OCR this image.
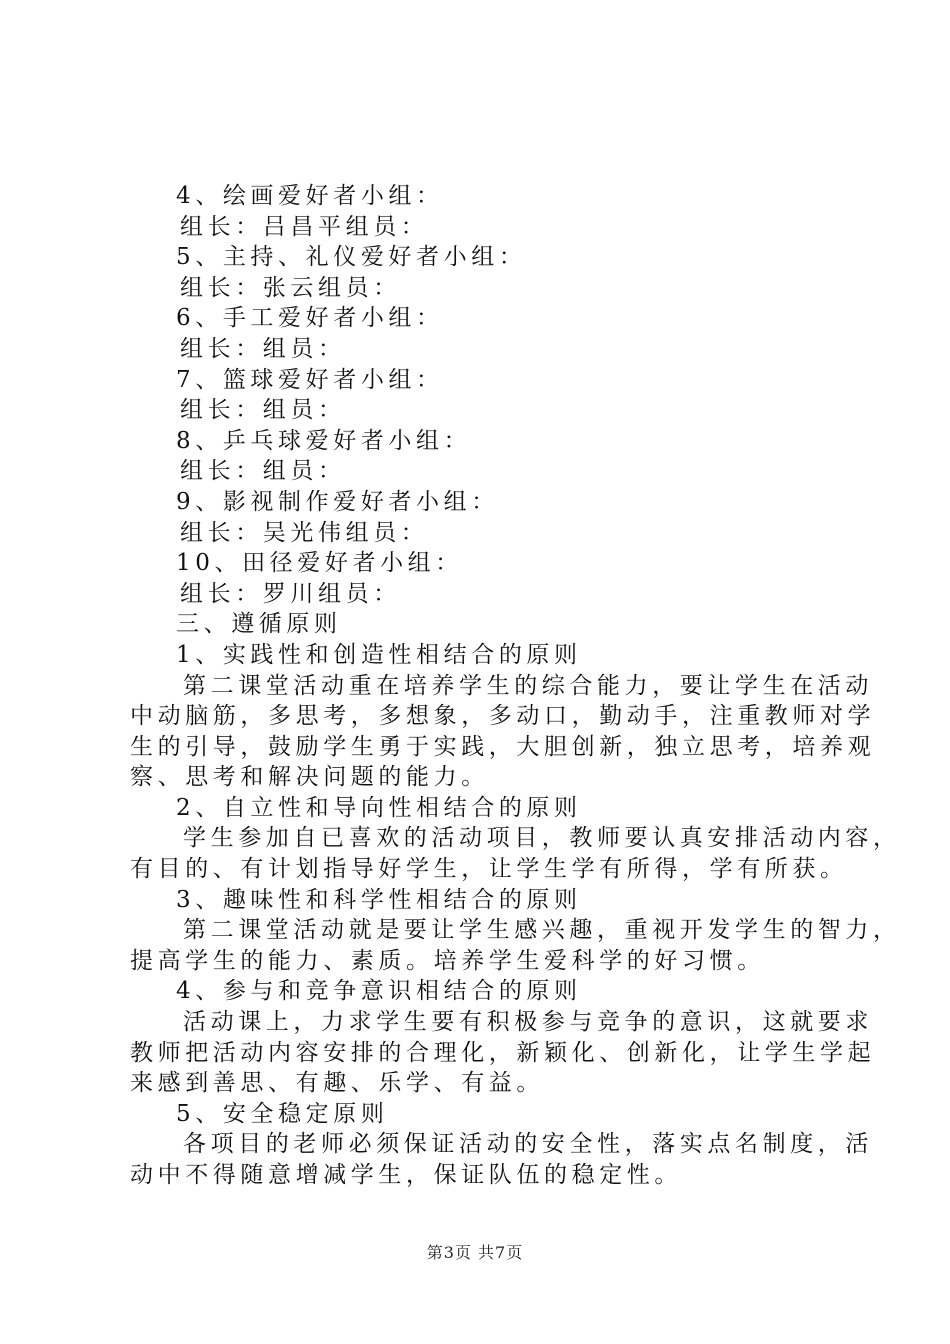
4、绘画爱好者小组：
组长：吕昌平组员：
5、主持、礼仪爱好者小组：
组长：张云组员：
6、手工爱好者小组：
组长：组员：
7、篮球爱好者小组：
组长：组员：
8、乒乓球爱好者小组：
组长：组员：
9、影视制作爱好者小组：
组长：吴光伟组员：
10、田径爱好者小组：
组长：罗川组员：
三、遵循原则
1、实践性和创造性相结合的原则
第二课堂活动重在培养学生的综合能力，要让学生在活动
中动脑筋，多思考，多想象，多动口，勤动手，注重教师对学
生的引导，鼓励学生勇于实践，大胆创新，独立思考，培养观
察、思考和解决问题的能力。
2、自立性和导向性相结合的原则
学生参加自已喜欢的活动项目，教师要认真安排活动内容，
有目的、有计划指导好学生，让学生学有所得，学有所获。
3、趣味性和科学性相结合的原则
第二课堂活动就是要让学生感兴趣，重视开发学生的智力，
提高学生的能力、素质。培养学生爱科学的好习惯。
4、参与和竞争意识相结合的原则
活动课上，力求学生要有积极参与竞争的意识，这就要求
教师把活动内容安排的合理化，新颖化、创新化，让学生学起
来感到善思、有趣、乐学、有益。
5、安全稳定原则
各项目的老师必须保证活动的安全性，落实点名制度，活
动中不得随意增减学生，保证队伍的稳定性。
第3页 共7页
